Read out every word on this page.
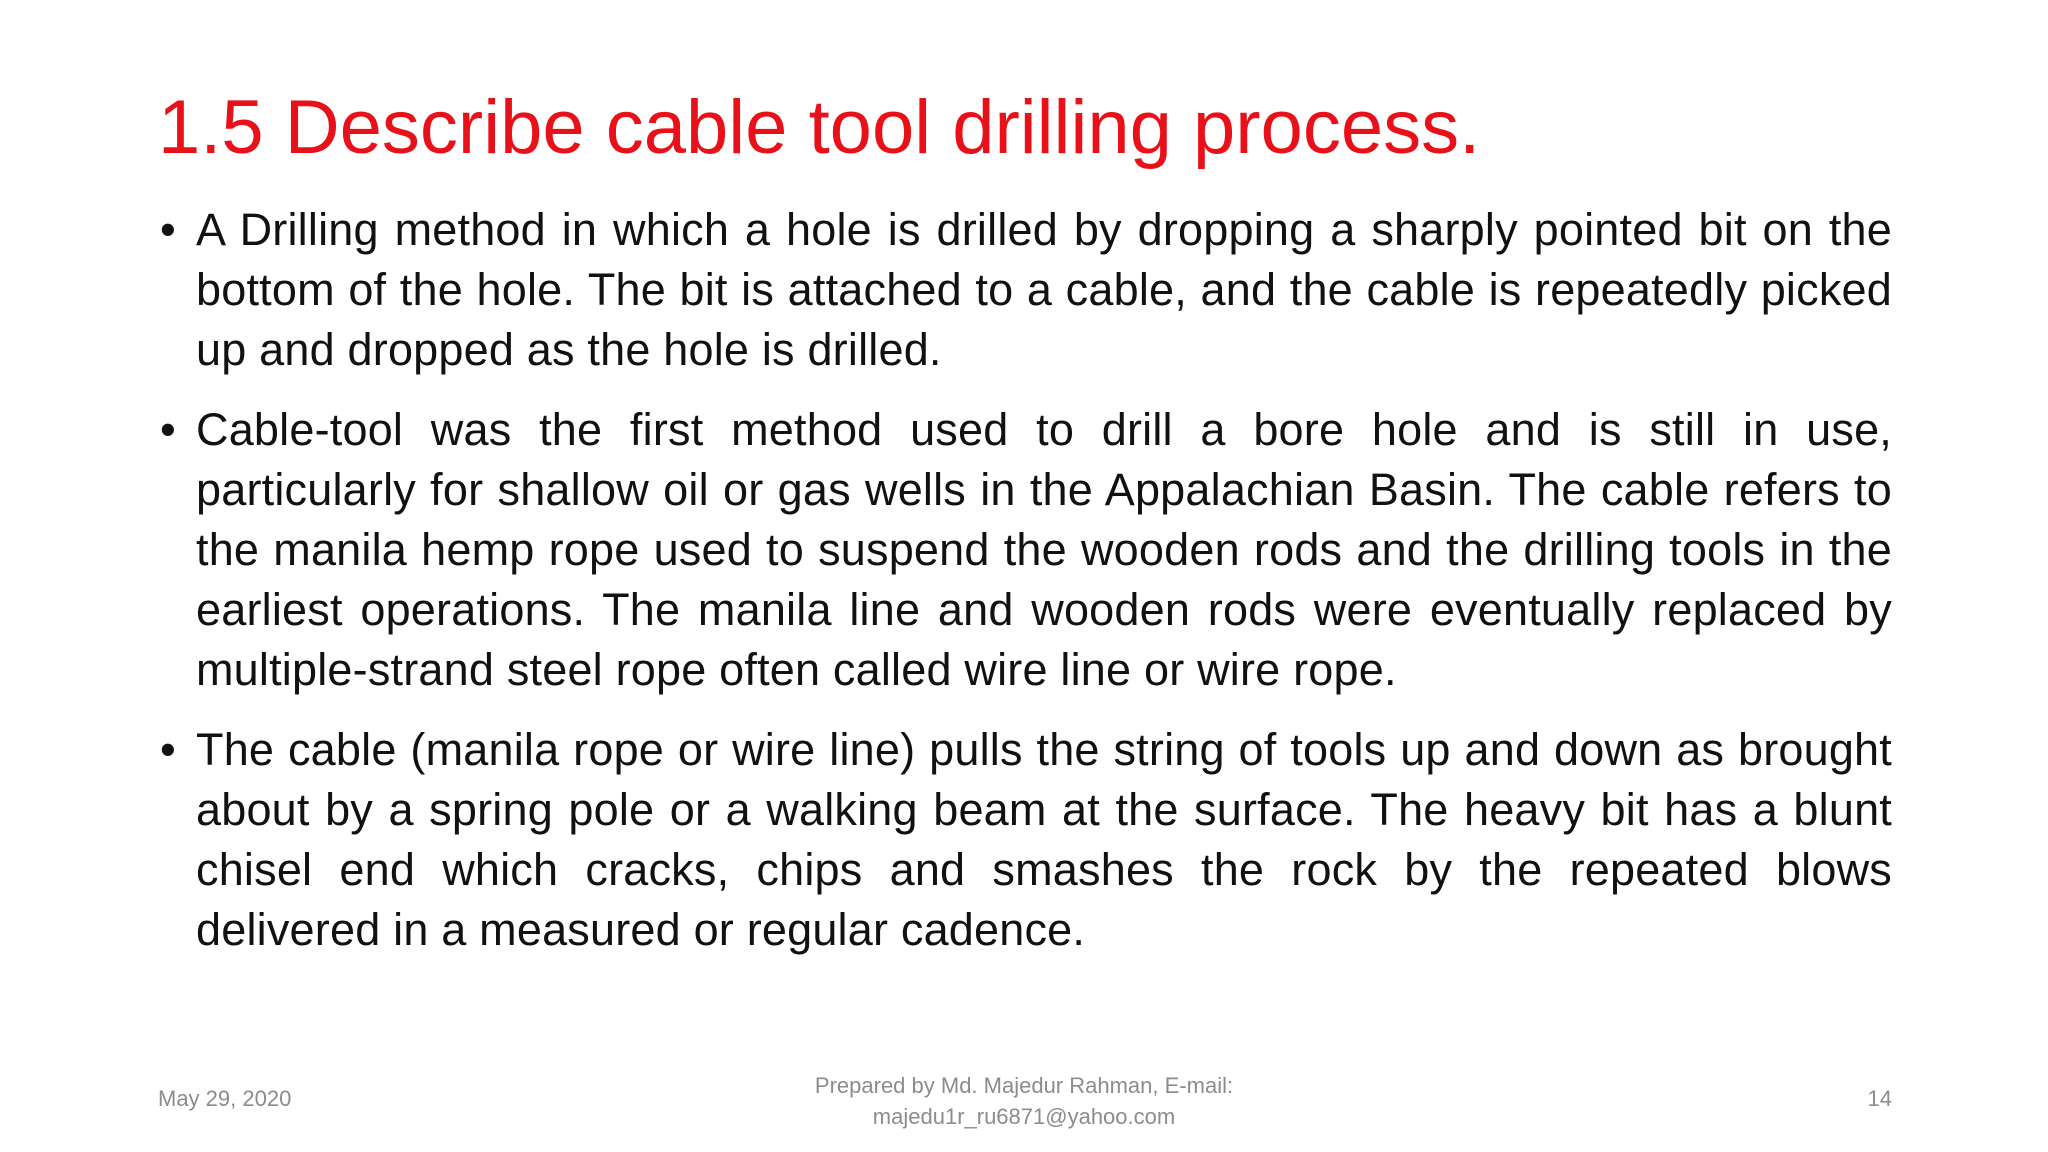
1.5 Describe cable tool drilling process.
• A Drilling method in which a hole is drilled by dropping a sharply pointed bit on the bottom of the hole. The bit is attached to a cable, and the cable is repeatedly picked up and dropped as the hole is drilled.
• Cable-tool was the first method used to drill a bore hole and is still in use, particularly for shallow oil or gas wells in the Appalachian Basin. The cable refers to the manila hemp rope used to suspend the wooden rods and the drilling tools in the earliest operations. The manila line and wooden rods were eventually replaced by multiple-strand steel rope often called wire line or wire rope.
• The cable (manila rope or wire line) pulls the string of tools up and down as brought about by a spring pole or a walking beam at the surface. The heavy bit has a blunt chisel end which cracks, chips and smashes the rock by the repeated blows delivered in a measured or regular cadence.
May 29, 2020
Prepared by Md. Majedur Rahman, E-mail:
majedu1r_ru6871@yahoo.com
14
